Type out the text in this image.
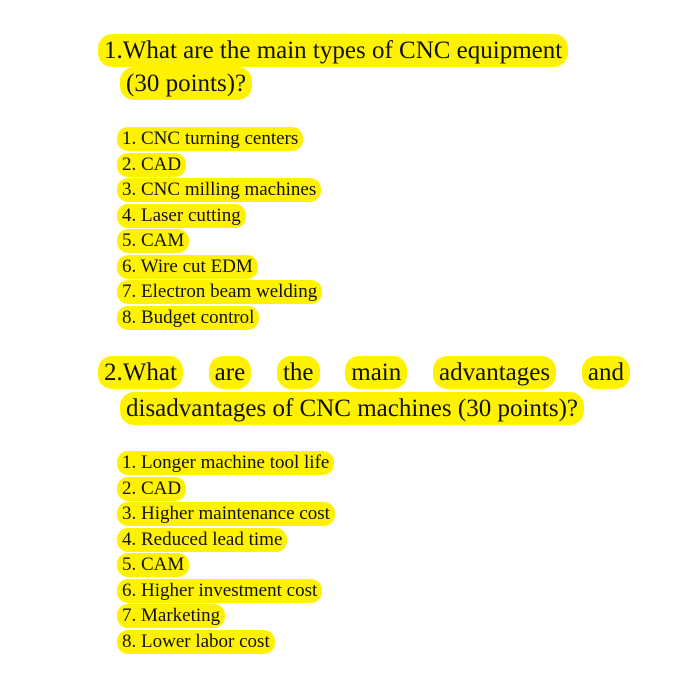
1.What are the main types of CNC equipment
(30 points)?
1. CNC turning centers
2. CAD
3. CNC milling machines
4. Laser cutting
5. CAM
6. Wire cut EDM
7. Electron beam welding
8. Budget control
2.What are the main advantages and
disadvantages of CNC machines (30 points)?
1. Longer machine tool life
2. CAD
3. Higher maintenance cost
4. Reduced lead time
5. CAM
6. Higher investment cost
7. Marketing
8. Lower labor cost
